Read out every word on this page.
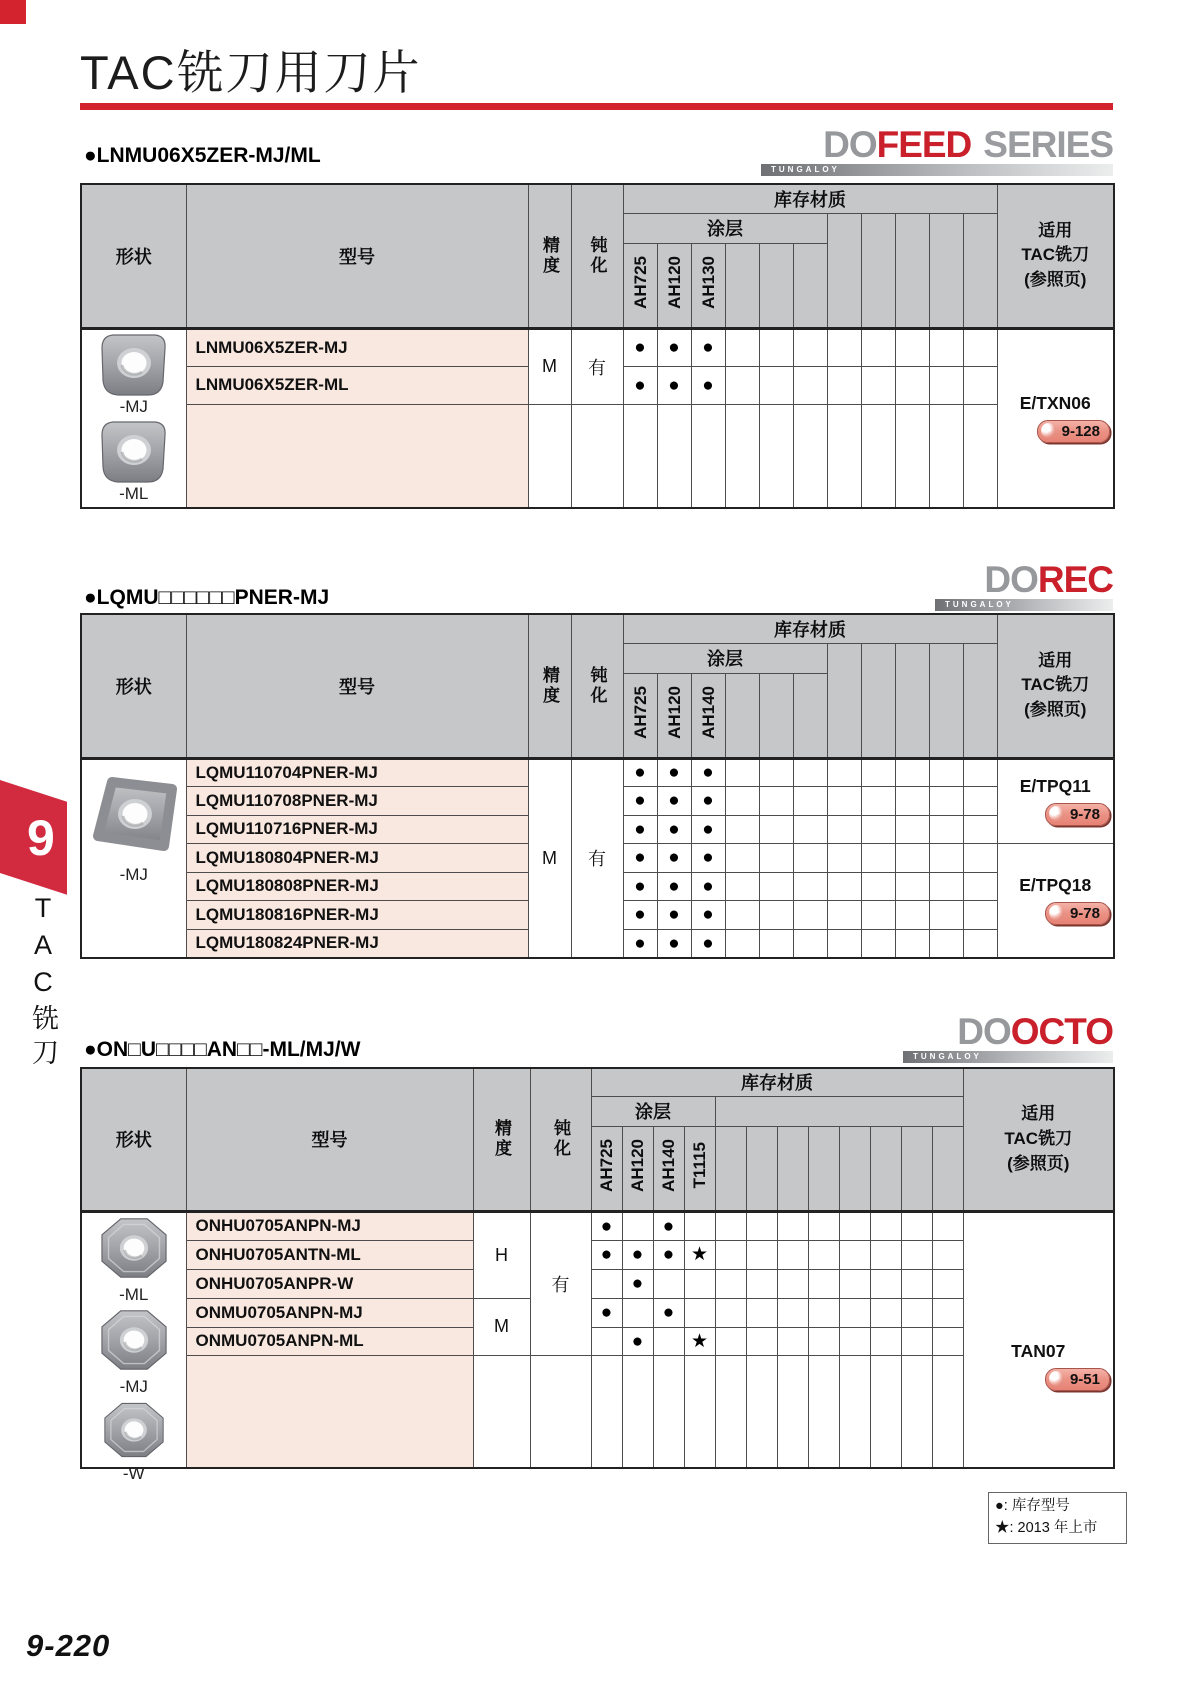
TAC铣刀用刀片
●LNMU06X5ZER-MJ/ML	DOFEED SERIES
TUNGALOY
形状	型号	精度	钝化	库存材质											适用
TAC铣刀
(参照页)
				涂层											
				AH725	AH120	AH130									

-MJ
-ML
	LNMU06X5ZER-MJ	M	有	●	●	●									
E/TXN06
9-128

	LNMU06X5ZER-ML			●	●	●									

●LQMU□□□□□□PNER-MJ	DOREC
TUNGALOY
形状	型号	精度	钝化	库存材质											适用
TAC铣刀
(参照页)
				涂层											
				AH725	AH120	AH140									

-MJ	LQMU110704PNER-MJ	M	有	●	●	●									E/TPQ11
9-78

	LQMU110708PNER-MJ			●	●	●									
	LQMU110716PNER-MJ			●	●	●									
	LQMU180804PNER-MJ			●	●	●									E/TPQ18
9-78

	LQMU180808PNER-MJ			●	●	●									
	LQMU180816PNER-MJ			●	●	●									
	LQMU180824PNER-MJ			●	●	●									
9
TAC铣刀 ●ON□U□□□□AN□□-ML/MJ/W	DOOCTO
TUNGALOY
形状	型号	精度	钝化	库存材质												适用
TAC铣刀
(参照页)
				涂层												
				AH725	AH120	AH140	T1115									

-ML
-MJ
-W
	ONHU0705ANPN-MJ	H	有	●		●										
TAN07
9-51

	ONHU0705ANTN-ML			●	●	●	★									
	ONHU0705ANPR-W				●											
	ONMU0705ANPN-MJ	M		●		●										
	ONMU0705ANPN-ML				●		★									

●: 库存型号
★: 2013 年上市
9-220
